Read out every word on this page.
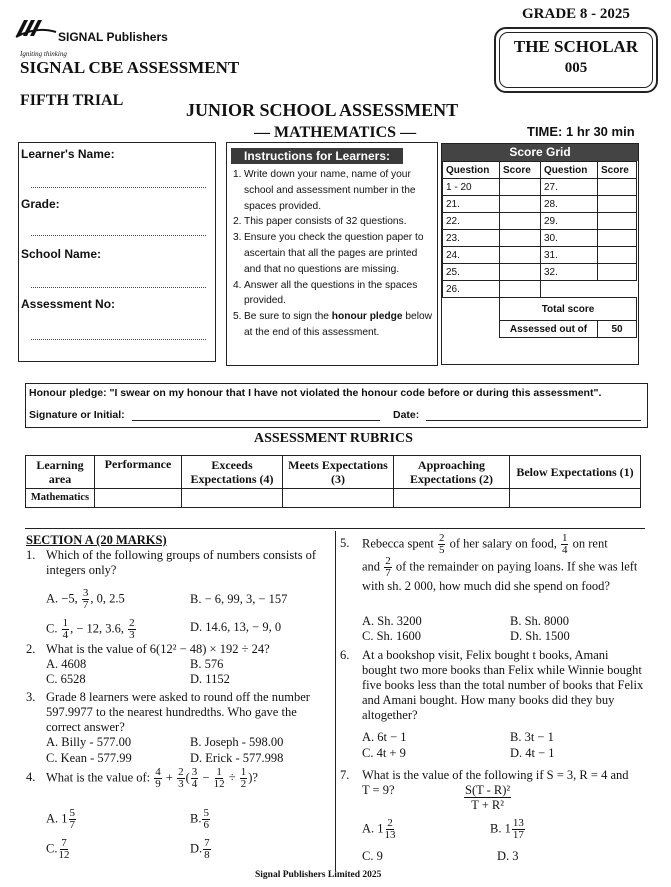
SIGNAL Publishers
Igniting thinking
SIGNAL CBE ASSESSMENT
GRADE 8 - 2025
THE SCHOLAR
005
FIFTH TRIAL	JUNIOR SCHOOL ASSESSMENT
— MATHEMATICS —	TIME: 1 hr 30 min
Learner's Name:
Grade:
School Name:
Assessment No:
Instructions for Learners:
1. Write down your name, name of your school and assessment number in the spaces provided.
2. This paper consists of 32 questions.
3. Ensure you check the question paper to ascertain that all the pages are printed and that no questions are missing.
4. Answer all the questions in the spaces provided.
5. Be sure to sign the honour pledge below at the end of this assessment.
Score Grid
Question	Score	Question	Score
1 - 20		27.	
21.		28.	
22.		29.	
23.		30.	
24.		31.	
25.		32.	
26.			
	Total score		
	Assessed out of		50
Honour pledge: "I swear on my honour that I have not violated the honour code before or during this assessment".
Signature or Initial:	Date:
ASSESSMENT RUBRICS
Learning area	Performance	Exceeds Expectations (4)	Meets Expectations (3)	Approaching Expectations (2)	Below Expectations (1)
Mathematics					
SECTION A (20 MARKS)
1. Which of the following groups of numbers consists of integers only?
A. −5, $\frac{3}{7}$ , 0, 2.5	B. − 6, 99, 3, − 157
C. $\frac{1}{4}$ , − 12, 3.6, $\frac{2}{3}$	D. 14.6, 13, − 9, 0
2. What is the value of 6(12² − 48) × 192 ÷ 24?
A. 4608	B. 576
C. 6528	D. 1152
3. Grade 8 learners were asked to round off the number 597.9977 to the nearest hundredths. Who gave the correct answer?
A. Billy - 577.00	B. Joseph - 598.00
C. Kean - 577.99	D. Erick - 577.998
4. What is the value of: $\frac{4}{9} + \frac{2}{3}$ ( $\frac{3}{4} - \frac{1}{12} \div \frac{1}{2}$ )?
A. $1 \frac{5}{7}$	B. $\frac{5}{6}$
C. $\frac{7}{12}$	D. $\frac{7}{8}$
5. Rebecca spent $\frac{2}{5}$ of her salary on food, $\frac{1}{4}$ on rent
and $\frac{2}{7}$ of the remainder on paying loans. If she was left with sh. 2 000, how much did she spend on food?
A. Sh. 3200	B. Sh. 8000
C. Sh. 1600	D. Sh. 1500
6.	At a bookshop visit, Felix bought t books, Amani bought two more books than Felix while Winnie bought five books less than the total number of books that Felix and Amani bought. How many books did they buy altogether?
A. 6t − 1	B. 3t − 1
C. 4t + 9	D. 4t − 1
7.	What is the value of the following if S = 3, R = 4 and T = 9?	$\frac{\text{S(T - R)²}}{\text{T + R²}}$
A. $1 \frac{2}{13}$	B. $1 \frac{13}{17}$
C. 9	D. 3
Signal Publishers Limited 2025
